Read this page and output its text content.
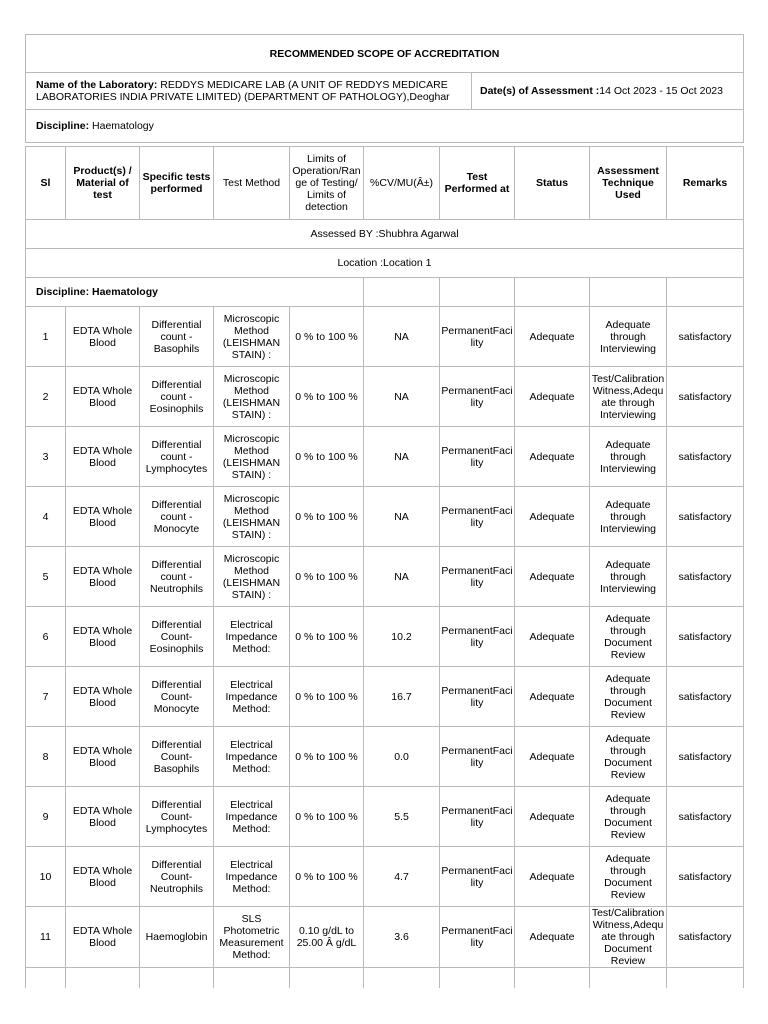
RECOMMENDED SCOPE OF ACCREDITATION
Name of the Laboratory: REDDYS MEDICARE LAB (A UNIT OF REDDYS MEDICARE LABORATORIES INDIA PRIVATE LIMITED) (DEPARTMENT OF PATHOLOGY),Deoghar	Date(s) of Assessment :14 Oct 2023 - 15 Oct 2023
Discipline: Haematology
Sl	Product(s) / Material of test	Specific tests performed	Test Method	Limits of Operation/Range of Testing/ Limits of detection	%CV/MU(Â±)	Test Performed at	Status	Assessment Technique Used	Remarks
Assessed BY :Shubhra Agarwal									
Location :Location 1									
Discipline: Haematology									
1	EDTA Whole Blood	Differential count - Basophils	Microscopic Method (LEISHMAN STAIN) :	0 % to 100 %	NA	PermanentFacility	Adequate	Adequate through Interviewing	satisfactory
2	EDTA Whole Blood	Differential count - Eosinophils	Microscopic Method (LEISHMAN STAIN) :	0 % to 100 %	NA	PermanentFacility	Adequate	Test/Calibration Witness,Adequate through Interviewing	satisfactory
3	EDTA Whole Blood	Differential count - Lymphocytes	Microscopic Method (LEISHMAN STAIN) :	0 % to 100 %	NA	PermanentFacility	Adequate	Adequate through Interviewing	satisfactory
4	EDTA Whole Blood	Differential count - Monocyte	Microscopic Method (LEISHMAN STAIN) :	0 % to 100 %	NA	PermanentFacility	Adequate	Adequate through Interviewing	satisfactory
5	EDTA Whole Blood	Differential count - Neutrophils	Microscopic Method (LEISHMAN STAIN) :	0 % to 100 %	NA	PermanentFacility	Adequate	Adequate through Interviewing	satisfactory
6	EDTA Whole Blood	Differential Count- Eosinophils	Electrical Impedance Method:	0 % to 100 %	10.2	PermanentFacility	Adequate	Adequate through Document Review	satisfactory
7	EDTA Whole Blood	Differential Count- Monocyte	Electrical Impedance Method:	0 % to 100 %	16.7	PermanentFacility	Adequate	Adequate through Document Review	satisfactory
8	EDTA Whole Blood	Differential Count- Basophils	Electrical Impedance Method:	0 % to 100 %	0.0	PermanentFacility	Adequate	Adequate through Document Review	satisfactory
9	EDTA Whole Blood	Differential Count- Lymphocytes	Electrical Impedance Method:	0 % to 100 %	5.5	PermanentFacility	Adequate	Adequate through Document Review	satisfactory
10	EDTA Whole Blood	Differential Count- Neutrophils	Electrical Impedance Method:	0 % to 100 %	4.7	PermanentFacility	Adequate	Adequate through Document Review	satisfactory
11	EDTA Whole Blood	Haemoglobin	SLS Photometric Measurement Method:	0.10 g/dL to 25.00 Â g/dL	3.6	PermanentFacility	Adequate	Test/Calibration Witness,Adequate through Document Review	satisfactory
